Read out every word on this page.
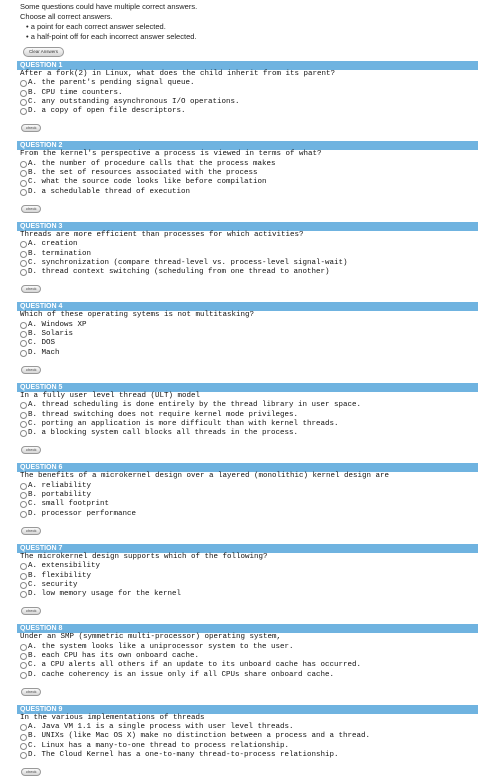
Some questions could have multiple correct answers.
Choose all correct answers.
• a point for each correct answer selected.
• a half-point off for each incorrect answer selected.
Clear Answers
QUESTION 1
After a fork(2) in Linux, what does the child inherit from its parent?
A. the parent's pending signal queue.
B. CPU time counters.
C. any outstanding asynchronous I/O operations.
D. a copy of open file descriptors.
check
QUESTION 2
From the kernel's perspective a process is viewed in terms of what?
A. the number of procedure calls that the process makes
B. the set of resources associated with the process
C. what the source code looks like before compilation
D. a schedulable thread of execution
check
QUESTION 3
Threads are more efficient than processes for which activities?
A. creation
B. termination
C. synchronization (compare thread-level vs. process-level signal-wait)
D. thread context switching (scheduling from one thread to another)
check
QUESTION 4
Which of these operating sytems is not multitasking?
A. Windows XP
B. Solaris
C. DOS
D. Mach
check
QUESTION 5
In a fully user level thread (ULT) model
A. thread scheduling is done entirely by the thread library in user space.
B. thread switching does not require kernel mode privileges.
C. porting an application is more difficult than with kernel threads.
D. a blocking system call blocks all threads in the process.
check
QUESTION 6
The benefits of a microkernel design over a layered (monolithic) kernel design are
A. reliability
B. portability
C. small footprint
D. processor performance
check
QUESTION 7
The microkernel design supports which of the following?
A. extensibility
B. flexibility
C. security
D. low memory usage for the kernel
check
QUESTION 8
Under an SMP (symmetric multi-processor) operating system,
A. the system looks like a uniprocessor system to the user.
B. each CPU has its own onboard cache.
C. a CPU alerts all others if an update to its unboard cache has occurred.
D. cache coherency is an issue only if all CPUs share onboard cache.
check
QUESTION 9
In the various implementations of threads
A. Java VM 1.1 is a single process with user level threads.
B. UNIXs (like Mac OS X) make no distinction between a process and a thread.
C. Linux has a many-to-one thread to process relationship.
D. The Cloud Kernel has a one-to-many thread-to-process relationship.
check
